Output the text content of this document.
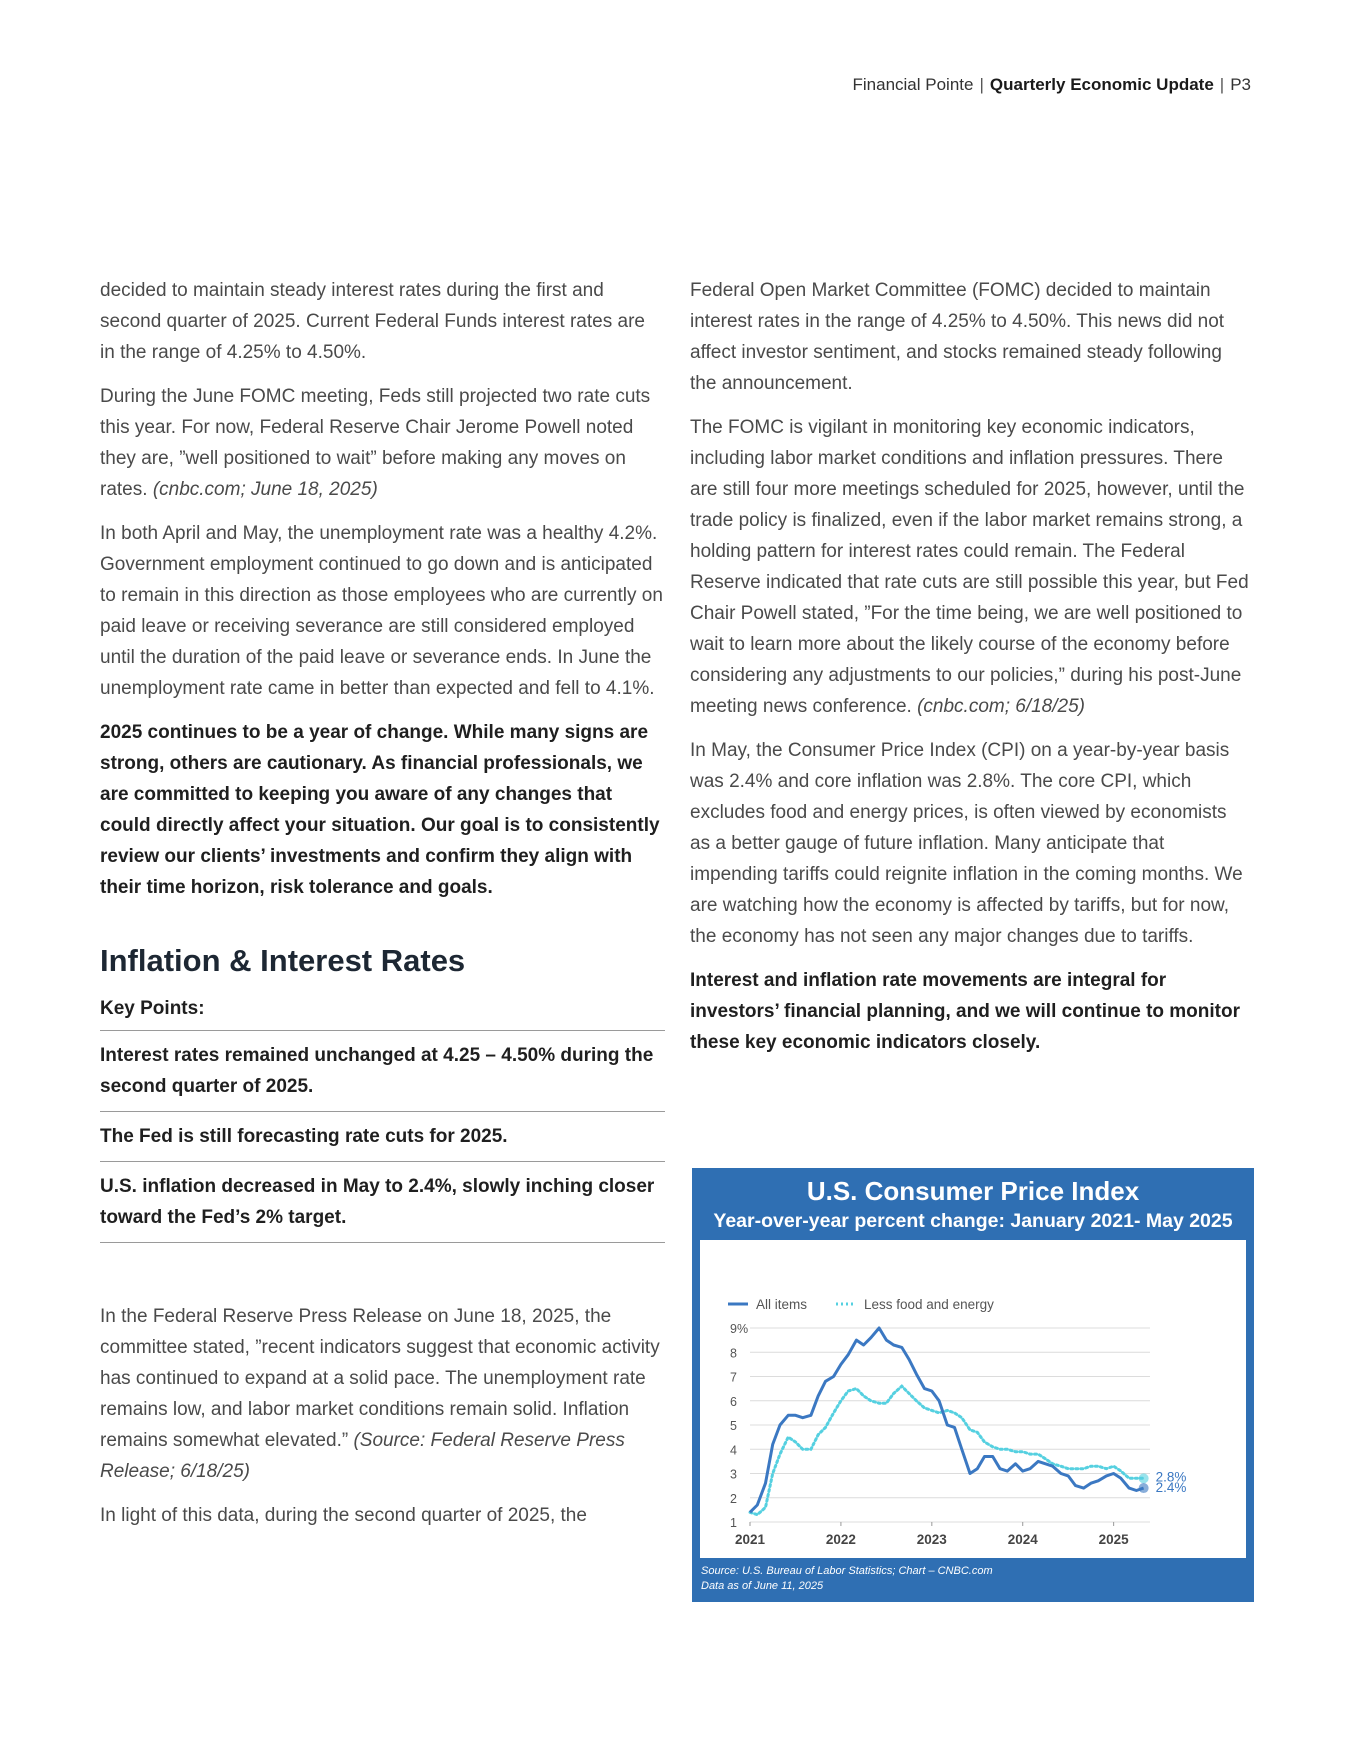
Financial Pointe | Quarterly Economic Update | P3

decided to maintain steady interest rates during the first and second quarter of 2025. Current Federal Funds interest rates are in the range of 4.25% to 4.50%.

During the June FOMC meeting, Feds still projected two rate cuts this year. For now, Federal Reserve Chair Jerome Powell noted they are, ”well positioned to wait” before making any moves on rates. (cnbc.com; June 18, 2025)

In both April and May, the unemployment rate was a healthy 4.2%. Government employment continued to go down and is anticipated to remain in this direction as those employees who are currently on paid leave or receiving severance are still considered employed until the duration of the paid leave or severance ends. In June the unemployment rate came in better than expected and fell to 4.1%.

2025 continues to be a year of change. While many signs are strong, others are cautionary. As financial professionals, we are committed to keeping you aware of any changes that could directly affect your situation. Our goal is to consistently review our clients’ investments and confirm they align with their time horizon, risk tolerance and goals.

Inflation & Interest Rates
Key Points:
Interest rates remained unchanged at 4.25 – 4.50% during the second quarter of 2025.
The Fed is still forecasting rate cuts for 2025.
U.S. inflation decreased in May to 2.4%, slowly inching closer toward the Fed’s 2% target.

In the Federal Reserve Press Release on June 18, 2025, the committee stated, ”recent indicators suggest that economic activity has continued to expand at a solid pace. The unemployment rate remains low, and labor market conditions remain solid. Inflation remains somewhat elevated.” (Source: Federal Reserve Press Release; 6/18/25)

In light of this data, during the second quarter of 2025, the

Federal Open Market Committee (FOMC) decided to maintain interest rates in the range of 4.25% to 4.50%. This news did not affect investor sentiment, and stocks remained steady following the announcement.

The FOMC is vigilant in monitoring key economic indicators, including labor market conditions and inflation pressures. There are still four more meetings scheduled for 2025, however, until the trade policy is finalized, even if the labor market remains strong, a holding pattern for interest rates could remain. The Federal Reserve indicated that rate cuts are still possible this year, but Fed Chair Powell stated, ”For the time being, we are well positioned to wait to learn more about the likely course of the economy before considering any adjustments to our policies,” during his post-June meeting news conference. (cnbc.com; 6/18/25)

In May, the Consumer Price Index (CPI) on a year-by-year basis was 2.4% and core inflation was 2.8%. The core CPI, which excludes food and energy prices, is often viewed by economists as a better gauge of future inflation. Many anticipate that impending tariffs could reignite inflation in the coming months. We are watching how the economy is affected by tariffs, but for now, the economy has not seen any major changes due to tariffs.

Interest and inflation rate movements are integral for investors’ financial planning, and we will continue to monitor these key economic indicators closely.

U.S. Consumer Price Index
Year-over-year percent change: January 2021- May 2025
9%
8
7
6
5
4
3
2
1
2021	2022	2023	2024	2025
All items	Less food and energy
2.8%
2.4%
Source: U.S. Bureau of Labor Statistics; Chart – CNBC.com
Data as of June 11, 2025
